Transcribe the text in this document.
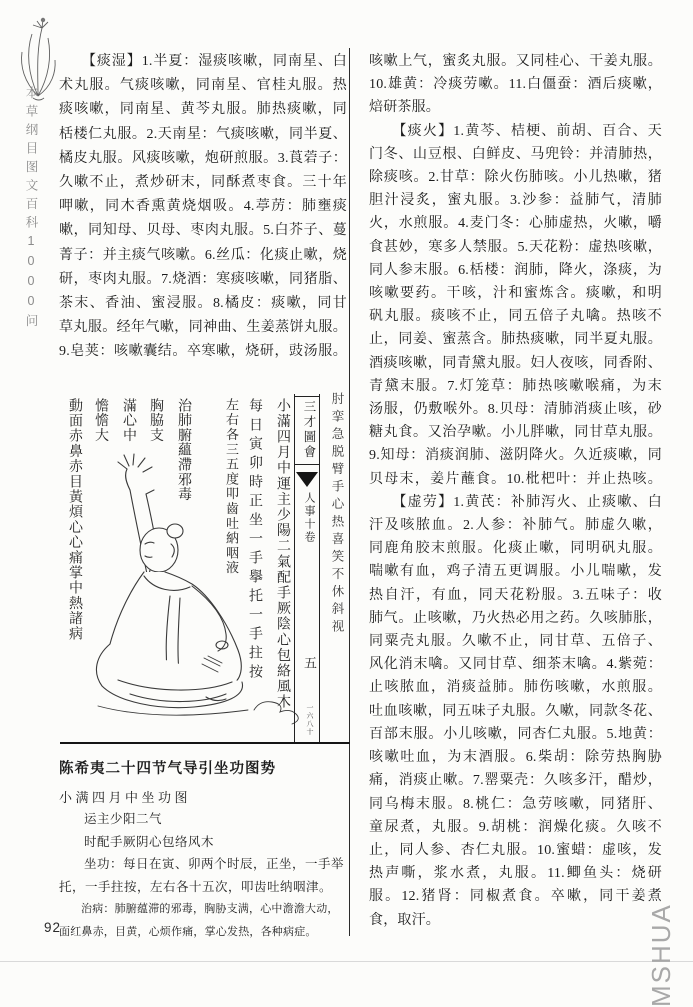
本草纲目图文百科1000问
　　【痰湿】1.半夏：湿痰咳嗽，同南星、白
术丸服。气痰咳嗽，同南星、官桂丸服。热
痰咳嗽，同南星、黄芩丸服。肺热痰嗽，同
栝楼仁丸服。2.天南星：气痰咳嗽，同半夏、
橘皮丸服。风痰咳嗽，炮研煎服。3.莨菪子：
久嗽不止，煮炒研末，同酥煮枣食。三十年
呷嗽，同木香熏黄烧烟吸。4.葶苈：肺壅痰
嗽，同知母、贝母、枣肉丸服。5.白芥子、蔓
菁子：并主痰气咳嗽。6.丝瓜：化痰止嗽，烧
研，枣肉丸服。7.烧酒：寒痰咳嗽，同猪脂、
茶末、香油、蜜浸服。8.橘皮：痰嗽，同甘
草丸服。经年气嗽，同神曲、生姜蒸饼丸服。
9.皂荚：咳嗽囊结。卒寒嗽，烧研，豉汤服。
咳嗽上气，蜜炙丸服。又同桂心、干姜丸服。
10.雄黄：冷痰劳嗽。11.白僵蚕：酒后痰嗽，
焙研茶服。
　　【痰火】1.黄芩、桔梗、前胡、百合、天
门冬、山豆根、白鲜皮、马兜铃：并清肺热，
除痰咳。2.甘草：除火伤肺咳。小儿热嗽，猪
胆汁浸炙，蜜丸服。3.沙参：益肺气，清肺
火，水煎服。4.麦门冬：心肺虚热，火嗽，嚼
食甚妙，寒多人禁服。5.天花粉：虚热咳嗽，
同人参末服。6.栝楼：润肺，降火，涤痰，为
咳嗽要药。干咳，汁和蜜炼含。痰嗽，和明
矾丸服。痰咳不止，同五倍子丸噙。热咳不
止，同姜、蜜蒸含。肺热痰嗽，同半夏丸服。
酒痰咳嗽，同青黛丸服。妇人夜咳，同香附、
青黛末服。7.灯笼草：肺热咳嗽喉痛，为末
汤服，仍敷喉外。8.贝母：清肺消痰止咳，砂
糖丸食。又治孕嗽。小儿胖嗽，同甘草丸服。
9.知母：消痰润肺、滋阴降火。久近痰嗽，同
贝母末，姜片蘸食。10.枇杷叶：并止热咳。
　　【虚劳】1.黄芪：补肺泻火、止痰嗽、白
汗及咳脓血。2.人参：补肺气。肺虚久嗽，
同鹿角胶末煎服。化痰止嗽，同明矾丸服。
喘嗽有血，鸡子清五更调服。小儿喘嗽，发
热自汗，有血，同天花粉服。3.五味子：收
肺气。止咳嗽，乃火热必用之药。久咳肺胀，
同粟壳丸服。久嗽不止，同甘草、五倍子、
风化消末噙。又同甘草、细茶末噙。4.紫菀：
止咳脓血，消痰益肺。肺伤咳嗽，水煎服。
吐血咳嗽，同五味子丸服。久嗽，同款冬花、
百部末服。小儿咳嗽，同杏仁丸服。5.地黄：
咳嗽吐血，为末酒服。6.柴胡：除劳热胸胁
痛，消痰止嗽。7.罂粟壳：久咳多汗，醋炒，
同乌梅末服。8.桃仁：急劳咳嗽，同猪肝、
童尿煮，丸服。9.胡桃：润燥化痰。久咳不
止，同人参、杏仁丸服。10.蜜蜡：虚咳，发
热声嘶，浆水煮，丸服。11.鲫鱼头：烧研
服。12.猪肾：同椒煮食。卒嗽，同干姜煮
食，取汗。
三才圖會
人事十卷
五
一六八十
肘挛急脱臂手心热喜笑不休斜视
小滿四月中運主少陽二氣配手厥陰心包絡風木
每日寅卯時正坐一手擧托一手拄按
左右各三五度叩齒吐納咽液
治肺腑蘊滯邪毒
胸脇支
滿心中
憺憺大
動面赤鼻赤目黃煩心心痛掌中熱諸病
陈希夷二十四节气导引坐功图势
小满四月中坐功图
运主少阳二气
时配手厥阴心包络风木
坐功：每日在寅、卯两个时辰，正坐，一手举
托，一手拄按，左右各十五次，叩齿吐纳咽津。
治病：肺腑蕴滞的邪毒，胸胁支满，心中澹澹大动，
面红鼻赤，目黄，心烦作痛，掌心发热，各种病症。
92	MSHUA
